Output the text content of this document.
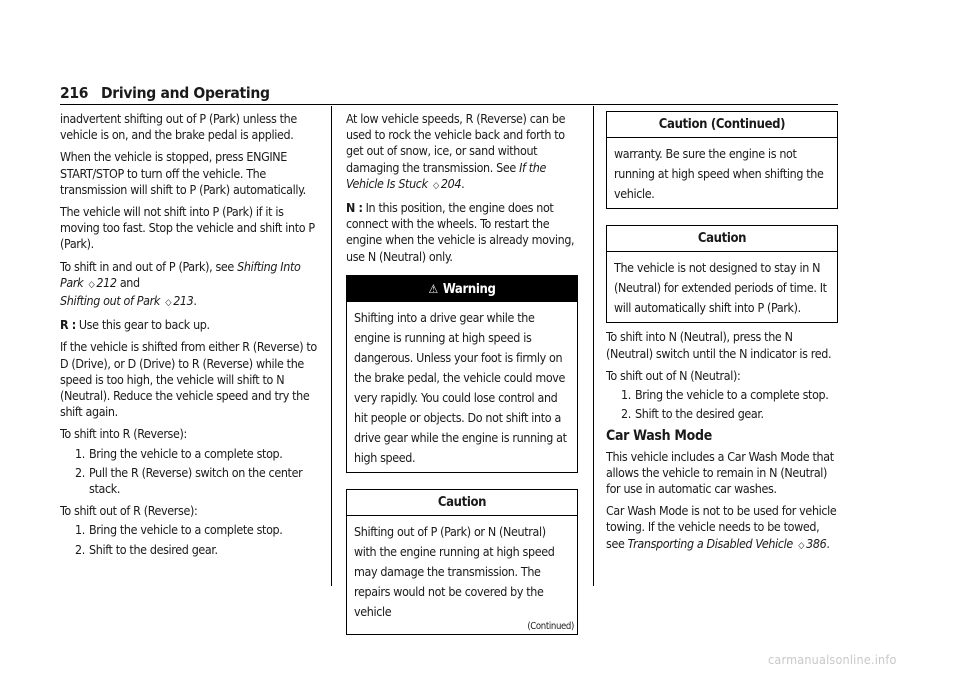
216 Driving and Operating

inadvertent shifting out of P (Park) unless the vehicle is on, and the brake pedal is applied.

When the vehicle is stopped, press ENGINE START/STOP to turn off the vehicle. The transmission will shift to P (Park) automatically.

The vehicle will not shift into P (Park) if it is moving too fast. Stop the vehicle and shift into P (Park).

To shift in and out of P (Park), see Shifting Into Park ◇ 212 and
Shifting out of Park ◇ 213.

R : Use this gear to back up.

If the vehicle is shifted from either R (Reverse) to D (Drive), or D (Drive) to R (Reverse) while the speed is too high, the vehicle will shift to N (Neutral). Reduce the vehicle speed and try the shift again.

To shift into R (Reverse):

1. Bring the vehicle to a complete stop.
2. Pull the R (Reverse) switch on the center stack.

To shift out of R (Reverse):

1. Bring the vehicle to a complete stop.
2. Shift to the desired gear.

At low vehicle speeds, R (Reverse) can be used to rock the vehicle back and forth to get out of snow, ice, or sand without damaging the transmission. See If the Vehicle Is Stuck ◇ 204.

N : In this position, the engine does not connect with the wheels. To restart the engine when the vehicle is already moving, use N (Neutral) only.

⚠ Warning
Shifting into a drive gear while the engine is running at high speed is dangerous. Unless your foot is firmly on the brake pedal, the vehicle could move very rapidly. You could lose control and hit people or objects. Do not shift into a drive gear while the engine is running at high speed.
Caution
Shifting out of P (Park) or N (Neutral) with the engine running at high speed may damage the transmission. The repairs would not be covered by the vehicle
(Continued)
Caution (Continued)
warranty. Be sure the engine is not running at high speed when shifting the vehicle.
Caution
The vehicle is not designed to stay in N (Neutral) for extended periods of time. It will automatically shift into P (Park).

To shift into N (Neutral), press the N (Neutral) switch until the N indicator is red.

To shift out of N (Neutral):

1. Bring the vehicle to a complete stop.
2. Shift to the desired gear.
Car Wash Mode

This vehicle includes a Car Wash Mode that allows the vehicle to remain in N (Neutral) for use in automatic car washes.

Car Wash Mode is not to be used for vehicle towing. If the vehicle needs to be towed, see Transporting a Disabled Vehicle ◇ 386.

carmanualsonline.info
